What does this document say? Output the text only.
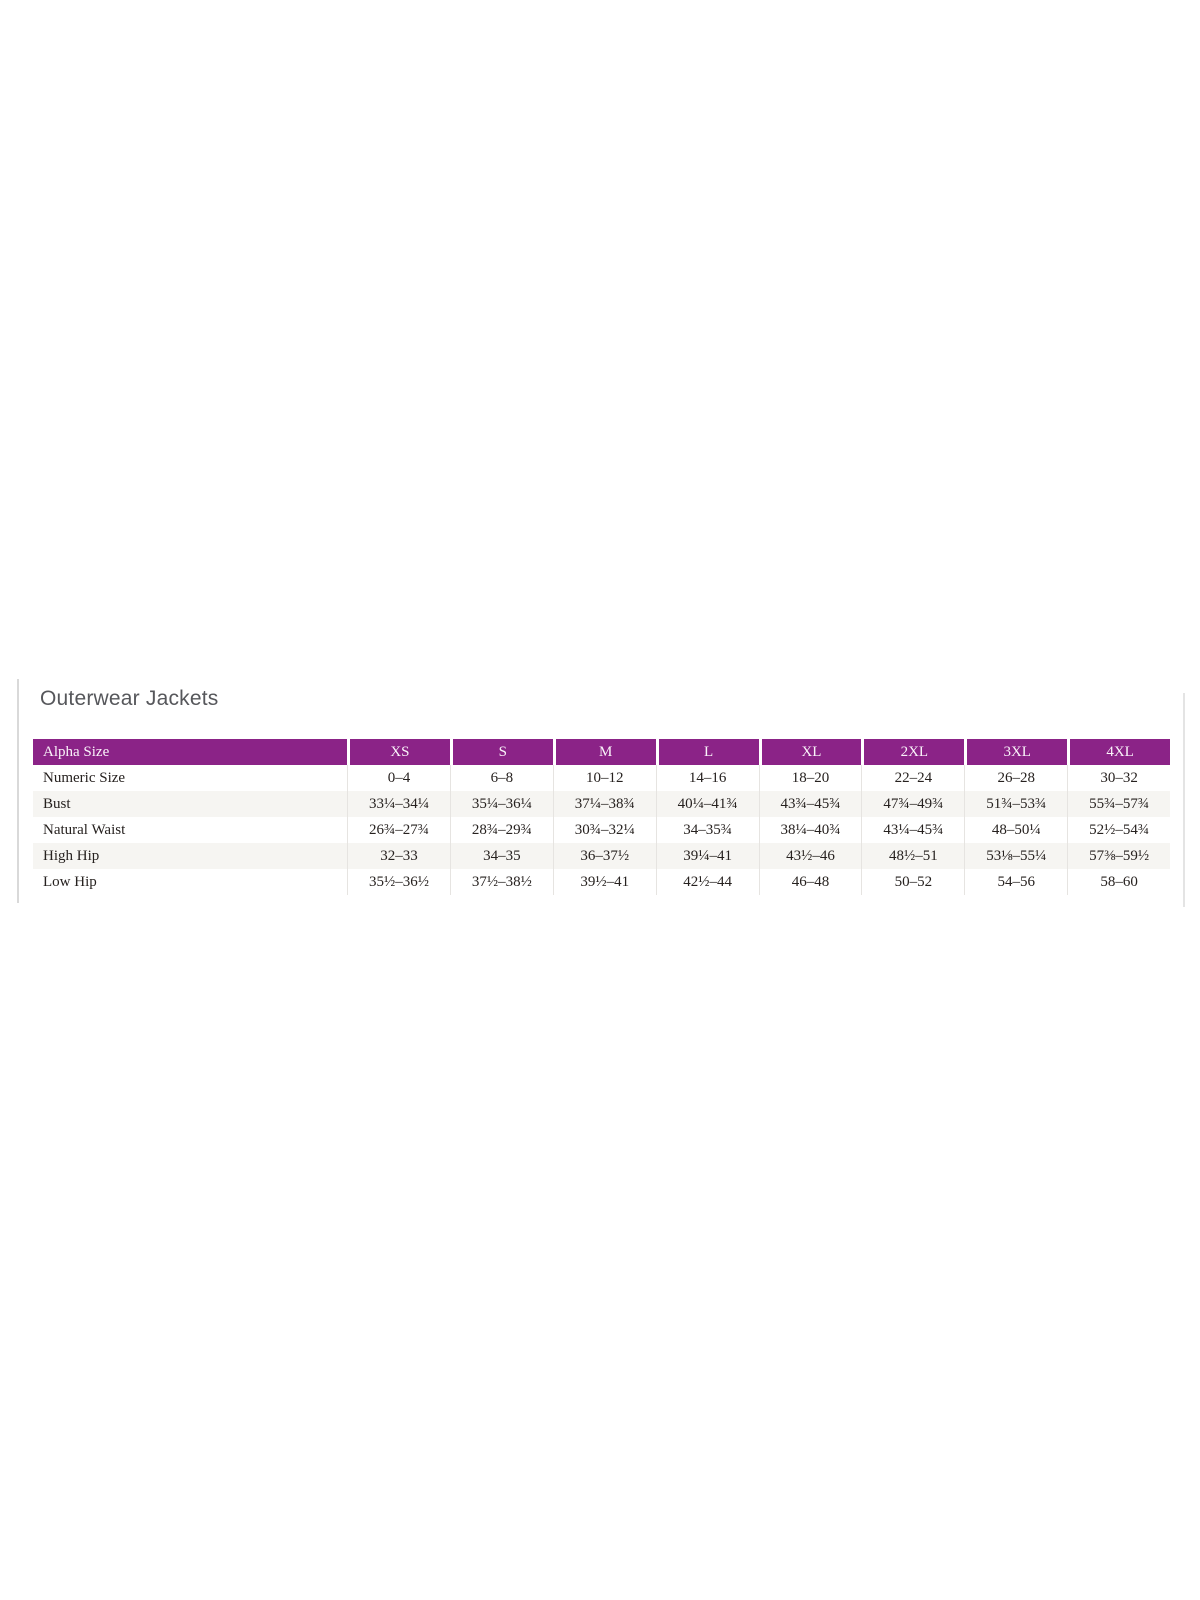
Outerwear Jackets
Alpha Size	XS	S	M	L	XL	2XL	3XL	4XL
Numeric Size	0–4	6–8	10–12	14–16	18–20	22–24	26–28	30–32
Bust	33¼–34¼	35¼–36¼	37¼–38¾	40¼–41¾	43¾–45¾	47¾–49¾	51¾–53¾	55¾–57¾
Natural Waist	26¾–27¾	28¾–29¾	30¾–32¼	34–35¾	38¼–40¾	43¼–45¾	48–50¼	52½–54¾
High Hip	32–33	34–35	36–37½	39¼–41	43½–46	48½–51	53⅛–55¼	57⅜–59½
Low Hip	35½–36½	37½–38½	39½–41	42½–44	46–48	50–52	54–56	58–60
